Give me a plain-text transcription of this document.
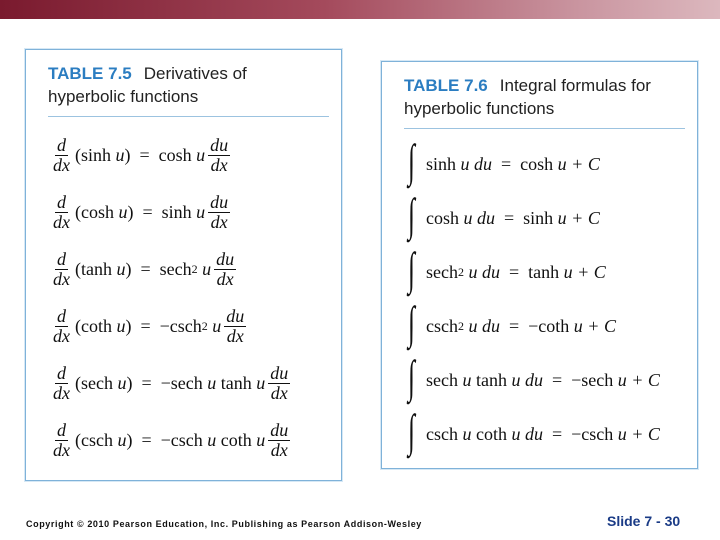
TABLE 7.5 Derivatives of
hyperbolic functions
$\frac{d}{dx}$ ( sinh
u ) = cosh
u $\frac{du}{dx}$
$\frac{d}{dx}$ ( cosh
u ) = sinh
u $\frac{du}{dx}$
$\frac{d}{dx}$ ( tanh
u ) = sech 2
u $\frac{du}{dx}$
$\frac{d}{dx}$ ( coth
u ) = −csch 2
u $\frac{du}{dx}$
$\frac{d}{dx}$ ( sech
u ) = −sech
u
tanh
u $\frac{du}{dx}$
$\frac{d}{dx}$ ( csch
u ) = −csch
u
coth
u $\frac{du}{dx}$
TABLE 7.6 Integral formulas for
hyperbolic functions
∫ sinh
u
du = cosh
u
+ C
∫ cosh
u
du = sinh
u
+ C
∫ sech 2
u
du = tanh
u
+ C
∫ csch 2
u
du = −coth
u
+ C
∫ sech
u
tanh
u
du = −sech
u
+ C
∫ csch
u
coth
u
du = −csch
u
+ C
Copyright © 2010 Pearson Education, Inc. Publishing as Pearson Addison-Wesley	Slide 7 - 30
